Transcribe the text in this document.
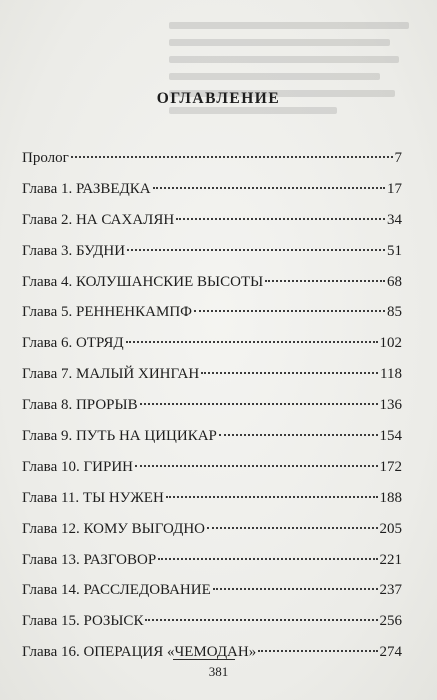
ОГЛАВЛЕНИЕ
Пролог	7
Глава 1. РАЗВЕДКА	17
Глава 2. НА САХАЛЯН	34
Глава 3. БУДНИ	51
Глава 4. КОЛУШАНСКИЕ ВЫСОТЫ	68
Глава 5. РЕННЕНКАМПФ	85
Глава 6. ОТРЯД	102
Глава 7. МАЛЫЙ ХИНГАН	118
Глава 8. ПРОРЫВ	136
Глава 9. ПУТЬ НА ЦИЦИКАР	154
Глава 10. ГИРИН	172
Глава 11. ТЫ НУЖЕН	188
Глава 12. КОМУ ВЫГОДНО	205
Глава 13. РАЗГОВОР	221
Глава 14. РАССЛЕДОВАНИЕ	237
Глава 15. РОЗЫСК	256
Глава 16. ОПЕРАЦИЯ «ЧЕМОДАН»	274
381
